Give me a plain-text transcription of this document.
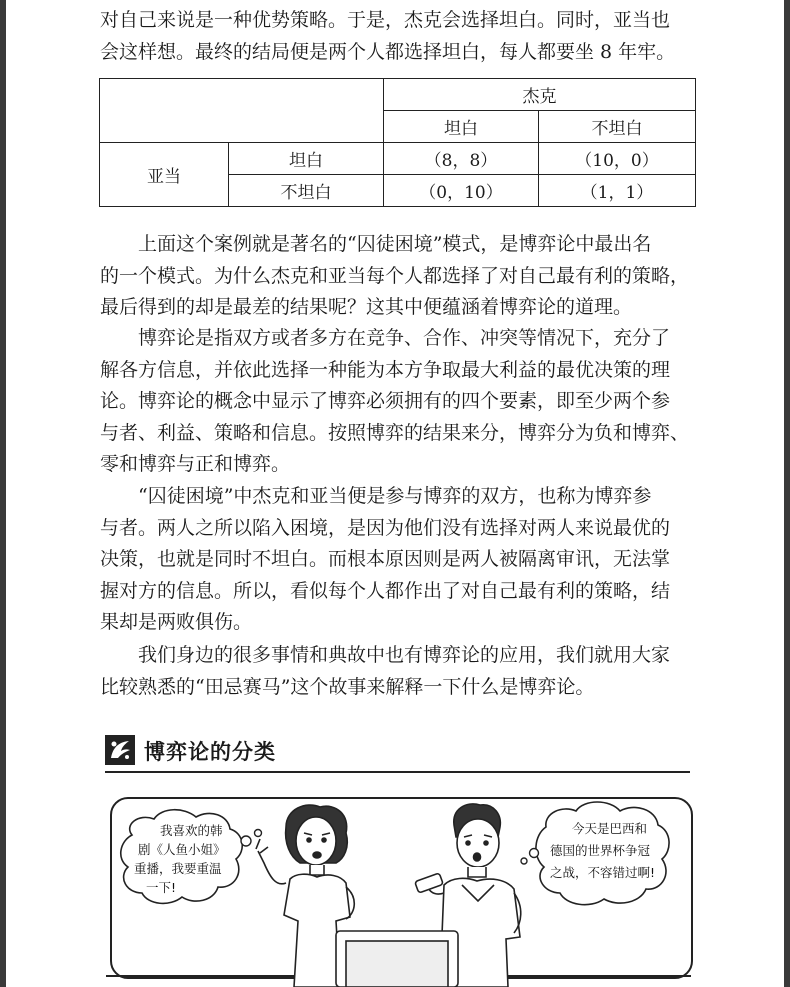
对自己来说是一种优势策略。于是，杰克会选择坦白。同时，亚当也
会这样想。最终的结局便是两个人都选择坦白，每人都要坐 8 年牢。
		杰克	
		坦白	不坦白
亚当	坦白	（8，8）	（10，0）
	不坦白	（0，10）	（1，1）
上面这个案例就是著名的“囚徒困境”模式，是博弈论中最出名
的一个模式。为什么杰克和亚当每个人都选择了对自己最有利的策略，
最后得到的却是最差的结果呢？这其中便蕴涵着博弈论的道理。
博弈论是指双方或者多方在竞争、合作、冲突等情况下，充分了
解各方信息，并依此选择一种能为本方争取最大利益的最优决策的理
论。博弈论的概念中显示了博弈必须拥有的四个要素，即至少两个参
与者、利益、策略和信息。按照博弈的结果来分，博弈分为负和博弈、
零和博弈与正和博弈。
“囚徒困境”中杰克和亚当便是参与博弈的双方，也称为博弈参
与者。两人之所以陷入困境，是因为他们没有选择对两人来说最优的
决策，也就是同时不坦白。而根本原因则是两人被隔离审讯，无法掌
握对方的信息。所以，看似每个人都作出了对自己最有利的策略，结
果却是两败俱伤。
我们身边的很多事情和典故中也有博弈论的应用，我们就用大家
比较熟悉的“田忌赛马”这个故事来解释一下什么是博弈论。
博弈论的分类
我喜欢的韩
剧《人鱼小姐》
重播，我要重温
一下!
今天是巴西和
德国的世界杯争冠
之战，不容错过啊!
